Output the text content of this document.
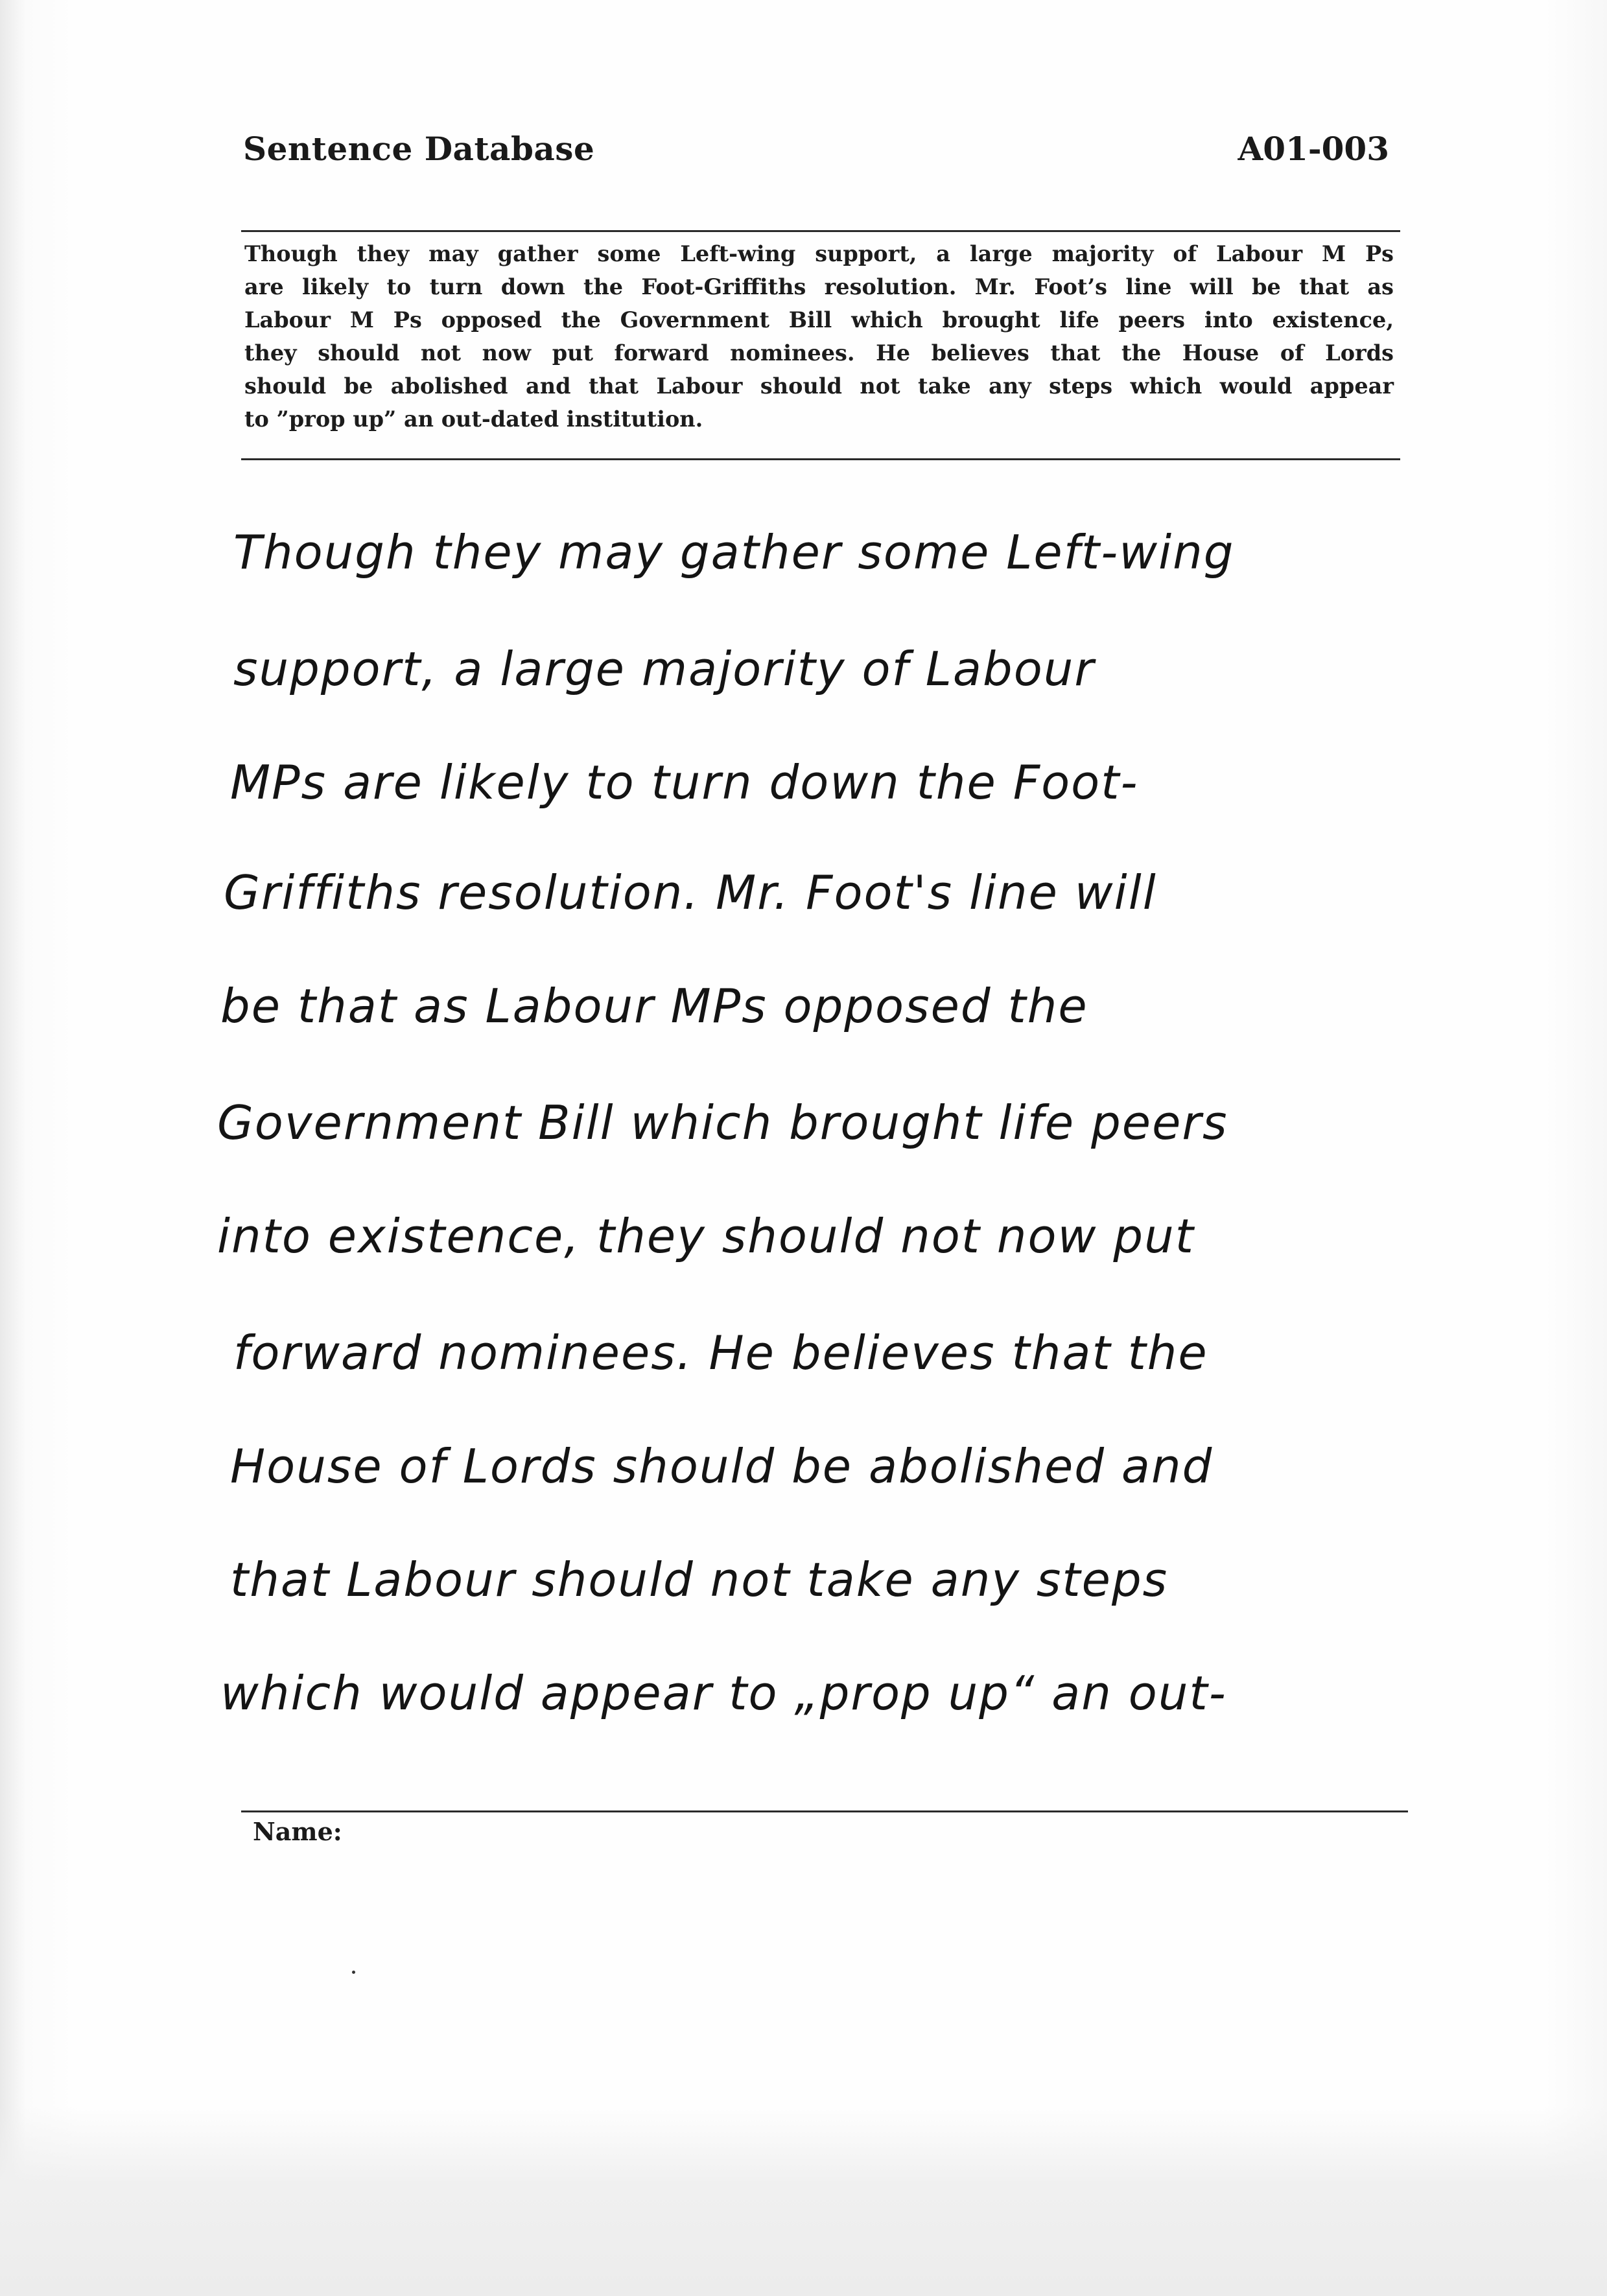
Sentence Database	A01-003
Though they may gather some Left-wing support, a large majority of Labour M Ps
are likely to turn down the Foot-Griffiths resolution. Mr. Foot’s line will be that as
Labour M Ps opposed the Government Bill which brought life peers into existence,
they should not now put forward nominees. He believes that the House of Lords
should be abolished and that Labour should not take any steps which would appear
to ”prop up” an out-dated institution.
Though they may gather some Left-wing
support, a large majority of Labour
MPs are likely to turn down the Foot-
Griffiths resolution. Mr. Foot's line will
be that as Labour MPs opposed the
Government Bill which brought life peers
into existence, they should not now put
forward nominees. He believes that the
House of Lords should be abolished and
that Labour should not take any steps
which would appear to „prop up“ an out-
Name:
